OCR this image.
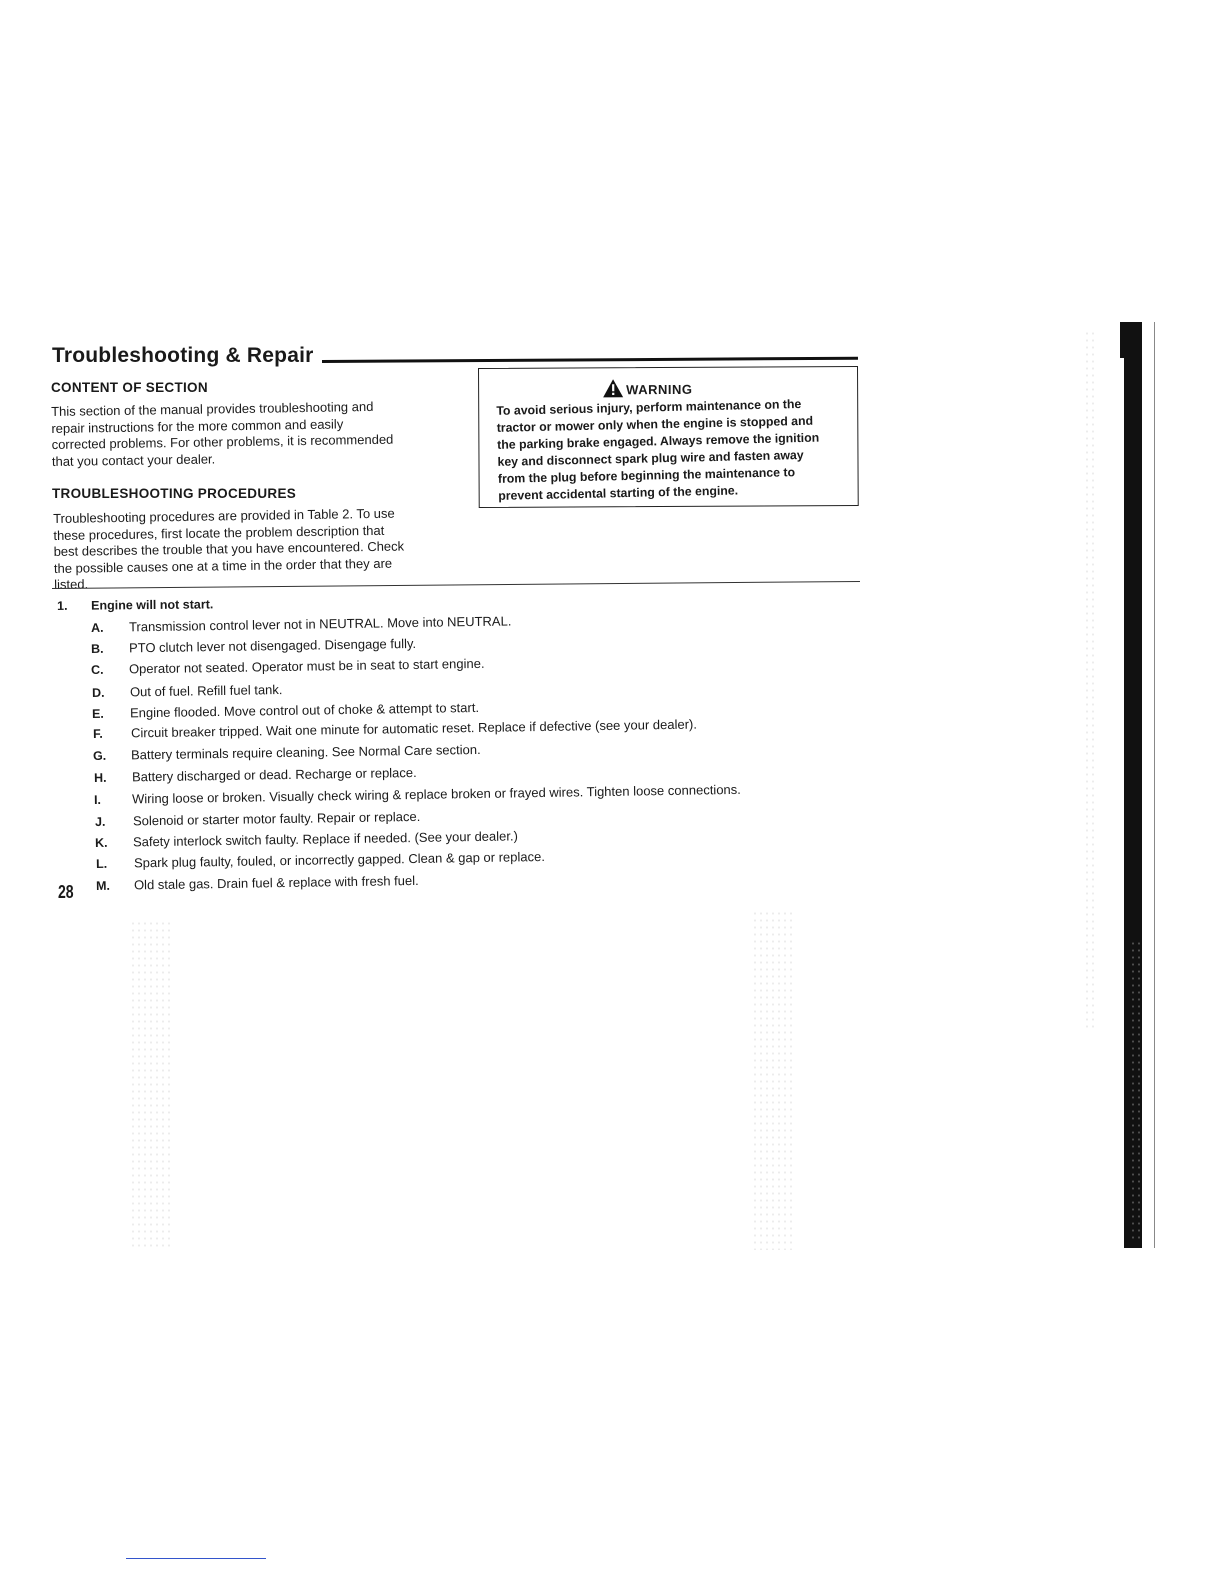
Troubleshooting & Repair
CONTENT OF SECTION
This section of the manual provides troubleshooting and
repair instructions for the more common and easily
corrected problems. For other problems, it is recommended
that you contact your dealer.
TROUBLESHOOTING PROCEDURES
Troubleshooting procedures are provided in Table 2. To use
these procedures, first locate the problem description that
best describes the trouble that you have encountered. Check
the possible causes one at a time in the order that they are
listed.
WARNING
To avoid serious injury, perform maintenance on the
tractor or mower only when the engine is stopped and
the parking brake engaged. Always remove the ignition
key and disconnect spark plug wire and fasten away
from the plug before beginning the maintenance to
prevent accidental starting of the engine.
1. Engine will not start.
A. Transmission control lever not in NEUTRAL. Move into NEUTRAL.
B. PTO clutch lever not disengaged. Disengage fully.
C. Operator not seated. Operator must be in seat to start engine.
D. Out of fuel. Refill fuel tank.
E. Engine flooded. Move control out of choke & attempt to start.
F. Circuit breaker tripped. Wait one minute for automatic reset. Replace if defective (see your dealer).
G. Battery terminals require cleaning. See Normal Care section.
H. Battery discharged or dead. Recharge or replace.
I. Wiring loose or broken. Visually check wiring & replace broken or frayed wires. Tighten loose connections.
J. Solenoid or starter motor faulty. Repair or replace.
K. Safety interlock switch faulty. Replace if needed. (See your dealer.)
L. Spark plug faulty, fouled, or incorrectly gapped. Clean & gap or replace.
M. Old stale gas. Drain fuel & replace with fresh fuel.
28
